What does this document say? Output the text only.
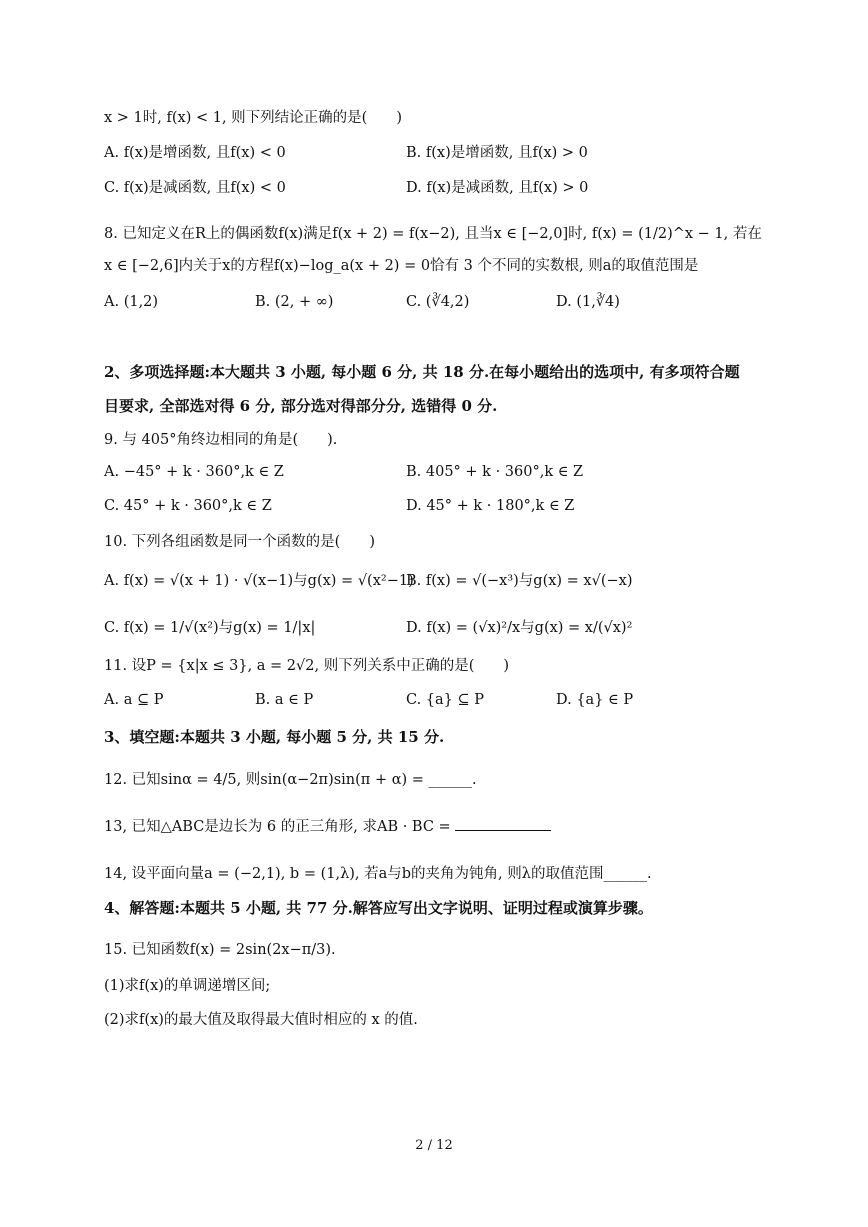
x > 1时, f(x) < 1, 则下列结论正确的是(　　)
A. f(x)是增函数, 且f(x) < 0	B. f(x)是增函数, 且f(x) > 0
C. f(x)是减函数, 且f(x) < 0	D. f(x)是减函数, 且f(x) > 0
8. 已知定义在R上的偶函数f(x)满足f(x + 2) = f(x−2), 且当x ∈ [−2,0]时, f(x) = (1/2)^x − 1, 若在
x ∈ [−2,6]内关于x的方程f(x)−log_a(x + 2) = 0恰有 3 个不同的实数根, 则a的取值范围是
A. (1,2)	B. (2, + ∞)	C. (∛4,2)	D. (1,∛4)
2、多项选择题:本大题共 3 小题, 每小题 6 分, 共 18 分.在每小题给出的选项中, 有多项符合题
目要求, 全部选对得 6 分, 部分选对得部分分, 选错得 0 分.
9. 与 405°角终边相同的角是(　　).
A. −45° + k · 360°,k ∈ Z	B. 405° + k · 360°,k ∈ Z
C. 45° + k · 360°,k ∈ Z	D. 45° + k · 180°,k ∈ Z
10. 下列各组函数是同一个函数的是(　　)
A. f(x) = √(x + 1) · √(x−1)与g(x) = √(x²−1)
B. f(x) = √(−x³)与g(x) = x√(−x)
C. f(x) = 1/√(x²)与g(x) = 1/|x|	D. f(x) = (√x)²/x与g(x) = x/(√x)²
11. 设P = {x|x ≤ 3}, a = 2√2, 则下列关系中正确的是(　　)
A. a ⊆ P	B. a ∈ P	C. {a} ⊆ P	D. {a} ∈ P
3、填空题:本题共 3 小题, 每小题 5 分, 共 15 分.
12. 已知sinα = 4/5, 则sin(α−2π)sin(π + α) = ______.
13, 已知△ABC是边长为 6 的正三角形, 求AB · BC =
14, 设平面向量a = (−2,1), b = (1,λ), 若a与b的夹角为钝角, 则λ的取值范围______.
4、解答题:本题共 5 小题, 共 77 分.解答应写出文字说明、证明过程或演算步骤。
15. 已知函数f(x) = 2sin(2x−π/3).
(1)求f(x)的单调递增区间;
(2)求f(x)的最大值及取得最大值时相应的 x 的值.
2 / 12
